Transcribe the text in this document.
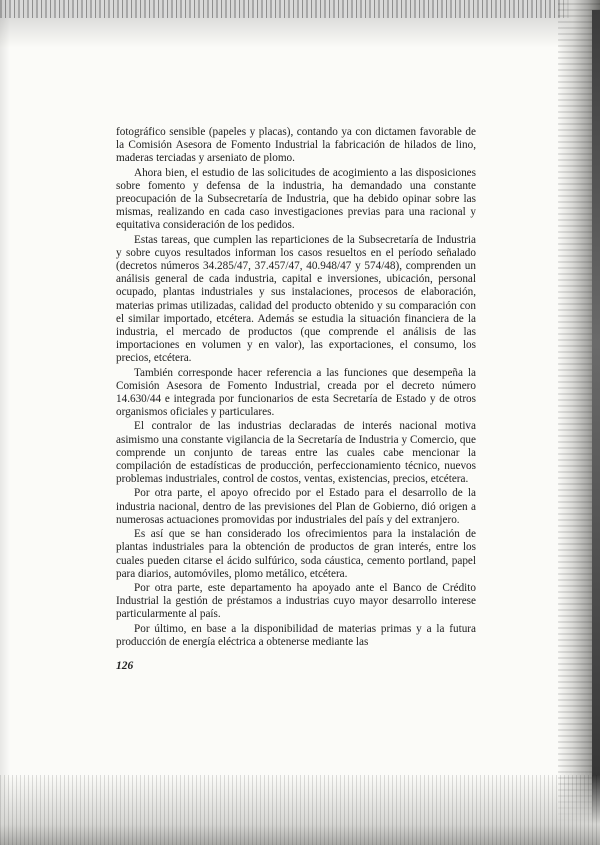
fotográfico sensible (papeles y placas), contando ya con dictamen favorable de la Comisión Asesora de Fomento Industrial la fabricación de hilados de lino, maderas terciadas y arseniato de plomo.

Ahora bien, el estudio de las solicitudes de acogimiento a las disposiciones sobre fomento y defensa de la industria, ha demandado una constante preocupación de la Subsecretaría de Industria, que ha debido opinar sobre las mismas, realizando en cada caso investigaciones previas para una racional y equitativa consideración de los pedidos.

Estas tareas, que cumplen las reparticiones de la Subsecretaría de Industria y sobre cuyos resultados informan los casos resueltos en el período señalado (decretos números 34.285/47, 37.457/47, 40.948/47 y 574/48), comprenden un análisis general de cada industria, capital e inversiones, ubicación, personal ocupado, plantas industriales y sus instalaciones, procesos de elaboración, materias primas utilizadas, calidad del producto obtenido y su comparación con el similar importado, etcétera. Además se estudia la situación financiera de la industria, el mercado de productos (que comprende el análisis de las importaciones en volumen y en valor), las exportaciones, el consumo, los precios, etcétera.

También corresponde hacer referencia a las funciones que desempeña la Comisión Asesora de Fomento Industrial, creada por el decreto número 14.630/44 e integrada por funcionarios de esta Secretaría de Estado y de otros organismos oficiales y particulares.

El contralor de las industrias declaradas de interés nacional motiva asimismo una constante vigilancia de la Secretaría de Industria y Comercio, que comprende un conjunto de tareas entre las cuales cabe mencionar la compilación de estadísticas de producción, perfeccionamiento técnico, nuevos problemas industriales, control de costos, ventas, existencias, precios, etcétera.

Por otra parte, el apoyo ofrecido por el Estado para el desarrollo de la industria nacional, dentro de las previsiones del Plan de Gobierno, dió origen a numerosas actuaciones promovidas por industriales del país y del extranjero.

Es así que se han considerado los ofrecimientos para la instalación de plantas industriales para la obtención de productos de gran interés, entre los cuales pueden citarse el ácido sulfúrico, soda cáustica, cemento portland, papel para diarios, automóviles, plomo metálico, etcétera.

Por otra parte, este departamento ha apoyado ante el Banco de Crédito Industrial la gestión de préstamos a industrias cuyo mayor desarrollo interese particularmente al país.

Por último, en base a la disponibilidad de materias primas y a la futura producción de energía eléctrica a obtenerse mediante las

126
